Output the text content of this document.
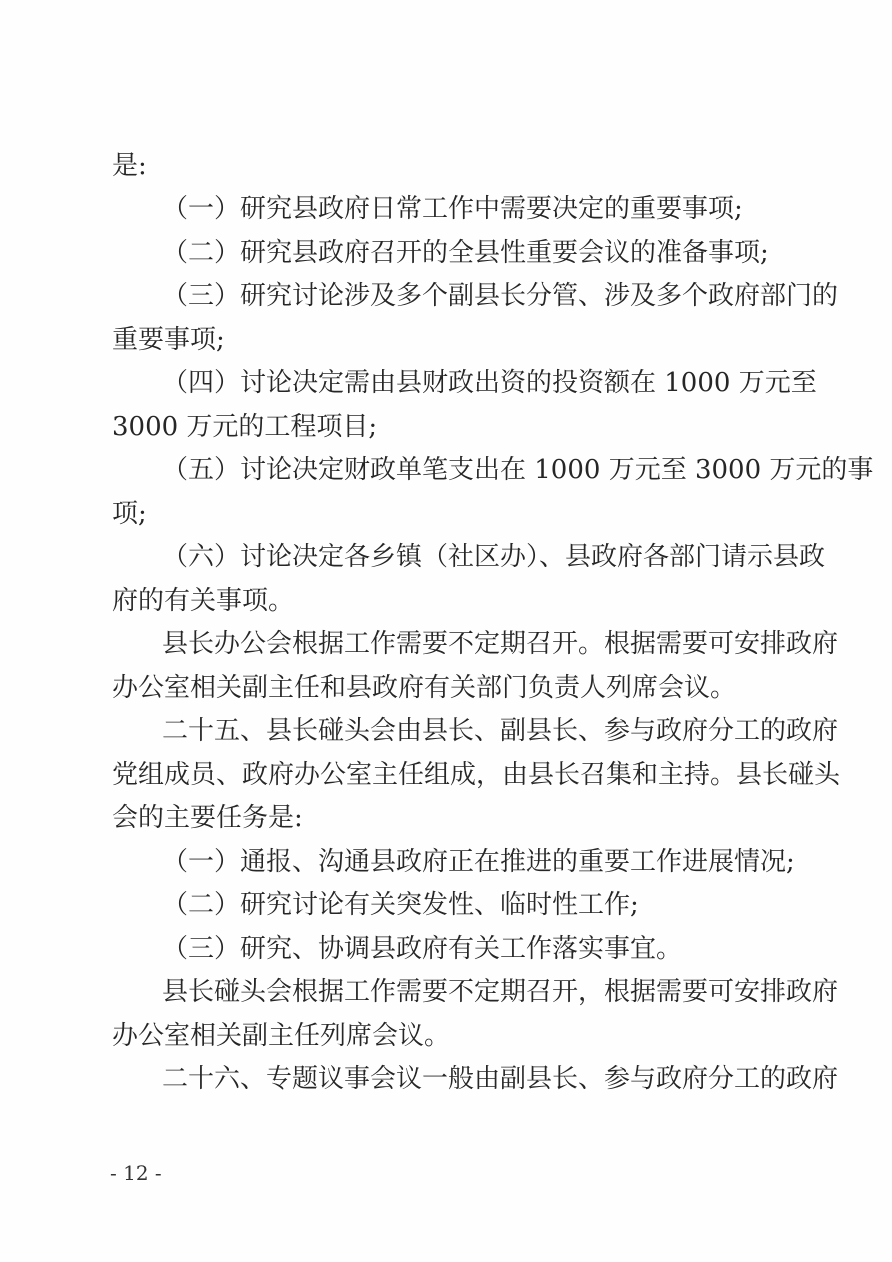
是:
（一）研究县政府日常工作中需要决定的重要事项;
（二）研究县政府召开的全县性重要会议的准备事项;
（三）研究讨论涉及多个副县长分管、涉及多个政府部门的
重要事项;
（四）讨论决定需由县财政出资的投资额在 1000 万元至
3000 万元的工程项目;
（五）讨论决定财政单笔支出在 1000 万元至 3000 万元的事
项;
（六）讨论决定各乡镇（社区办）、县政府各部门请示县政
府的有关事项。
县长办公会根据工作需要不定期召开。根据需要可安排政府
办公室相关副主任和县政府有关部门负责人列席会议。
二十五、县长碰头会由县长、副县长、参与政府分工的政府
党组成员、政府办公室主任组成，由县长召集和主持。县长碰头
会的主要任务是:
（一）通报、沟通县政府正在推进的重要工作进展情况;
（二）研究讨论有关突发性、临时性工作;
（三）研究、协调县政府有关工作落实事宜。
县长碰头会根据工作需要不定期召开，根据需要可安排政府
办公室相关副主任列席会议。
二十六、专题议事会议一般由副县长、参与政府分工的政府
- 12 -
